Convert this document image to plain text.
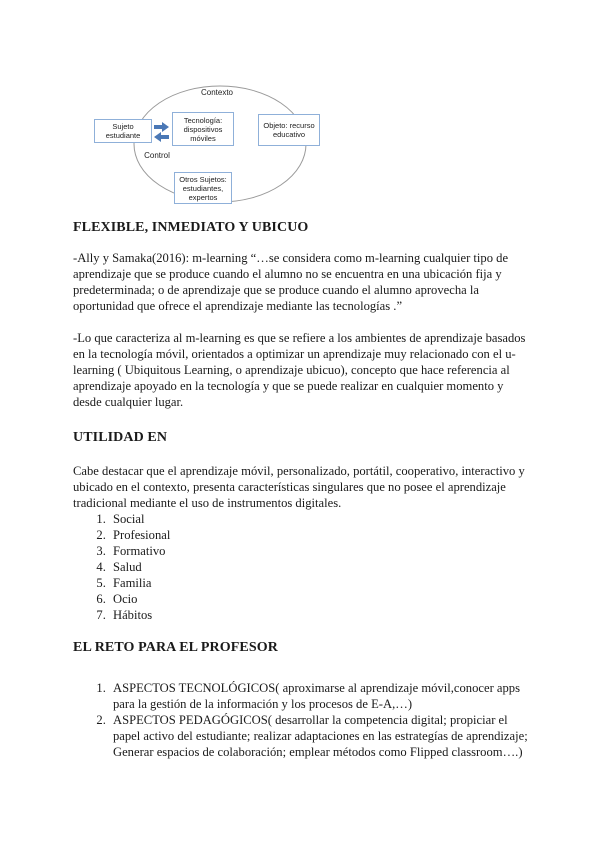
Contexto
Control
Sujeto estudiante
Tecnología: dispositivos móviles
Objeto: recurso educativo
Otros Sujetos: estudiantes, expertos
FLEXIBLE, INMEDIATO Y UBICUO

-Ally y Samaka(2016): m-learning “…se considera como m-learning cualquier tipo de aprendizaje que se produce cuando el alumno no se encuentra en una ubicación fija y predeterminada; o de aprendizaje que se produce cuando el alumno aprovecha la oportunidad que ofrece el aprendizaje mediante las tecnologías .”

-Lo que caracteriza al m-learning es que se refiere a los ambientes de aprendizaje basados en la tecnología móvil, orientados a optimizar un aprendizaje muy relacionado con el u-learning ( Ubiquitous Learning, o aprendizaje ubicuo), concepto que hace referencia al aprendizaje apoyado en la tecnología y que se puede realizar en cualquier momento y desde cualquier lugar.

UTILIDAD EN

Cabe destacar que el aprendizaje móvil, personalizado, portátil, cooperativo, interactivo y ubicado en el contexto, presenta características singulares que no posee el aprendizaje tradicional mediante el uso de instrumentos digitales.

1. Social
2. Profesional
3. Formativo
4. Salud
5. Familia
6. Ocio
7. Hábitos
EL RETO PARA EL PROFESOR
1. ASPECTOS TECNOLÓGICOS( aproximarse al aprendizaje móvil,conocer apps para la gestión de la información y los procesos de E-A,…)
2. ASPECTOS PEDAGÓGICOS( desarrollar la competencia digital; propiciar el papel activo del estudiante; realizar adaptaciones en las estrategías de aprendizaje; Generar espacios de colaboración; emplear métodos como Flipped classroom….)
